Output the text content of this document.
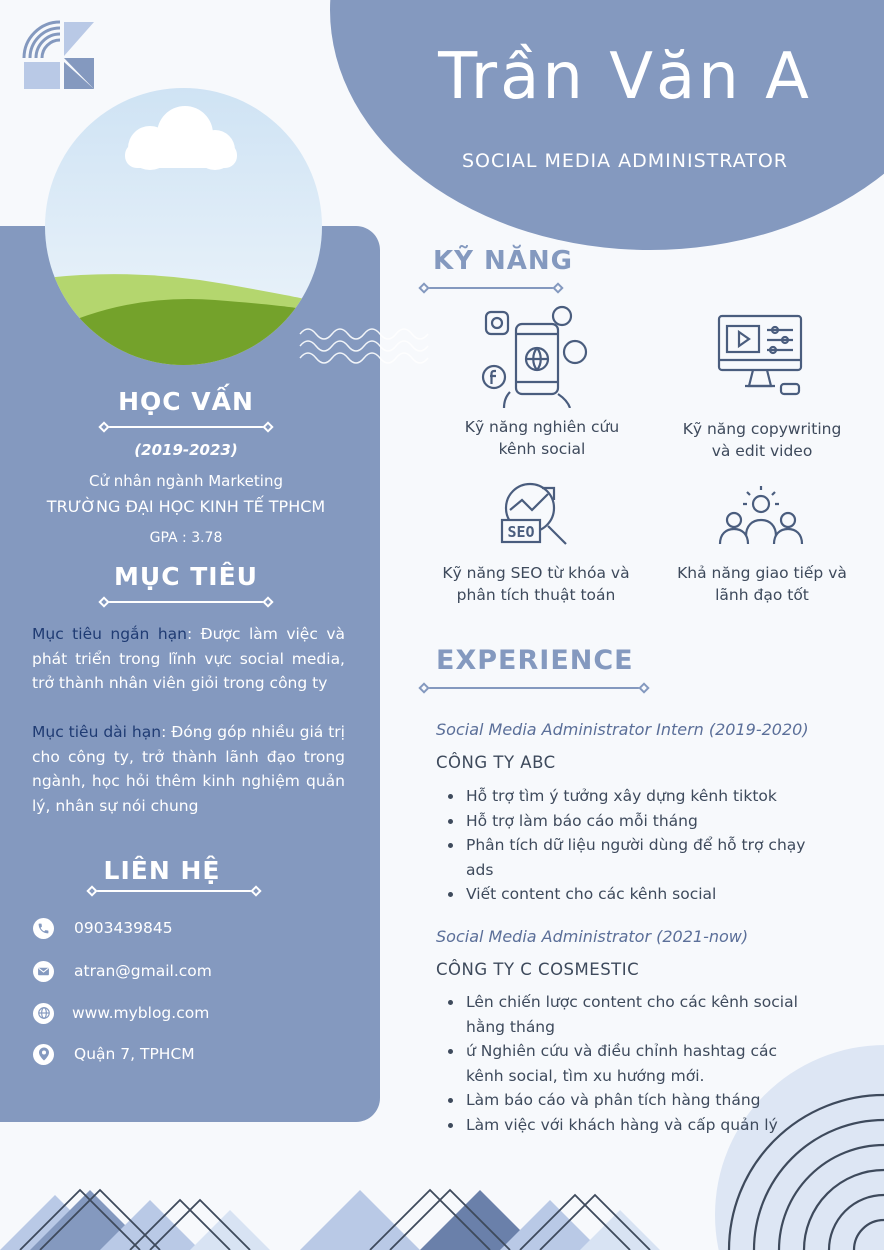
Trần Văn A
SOCIAL MEDIA ADMINISTRATOR
HỌC VẤN
(2019-2023)
Cử nhân ngành Marketing
TRƯỜNG ĐẠI HỌC KINH TẾ TPHCM
GPA : 3.78
MỤC TIÊU
Mục tiêu ngắn hạn: Được làm việc và phát triển trong lĩnh vực social media, trở thành nhân viên giỏi trong công ty
Mục tiêu dài hạn: Đóng góp nhiều giá trị cho công ty, trở thành lãnh đạo trong ngành, học hỏi thêm kinh nghiệm quản lý, nhân sự nói chung
LIÊN HỆ
0903439845
atran@gmail.com
www.myblog.com
Quận 7, TPHCM
KỸ NĂNG
Kỹ năng nghiên cứu
kênh social
Kỹ năng copywriting
và edit video
SEO
Kỹ năng SEO từ khóa và
phân tích thuật toán
Khả năng giao tiếp và
lãnh đạo tốt
EXPERIENCE
Social Media Administrator Intern (2019-2020)
CÔNG TY ABC
Hỗ trợ tìm ý tưởng xây dựng kênh tiktok
Hỗ trợ làm báo cáo mỗi tháng
Phân tích dữ liệu người dùng để hỗ trợ chạy ads
Viết content cho các kênh social
Social Media Administrator (2021-now)
CÔNG TY C COSMESTIC
Lên chiến lược content cho các kênh social hằng tháng
ứ Nghiên cứu và điều chỉnh hashtag các kênh social, tìm xu hướng mới.
Làm báo cáo và phân tích hàng tháng
Làm việc với khách hàng và cấp quản lý
